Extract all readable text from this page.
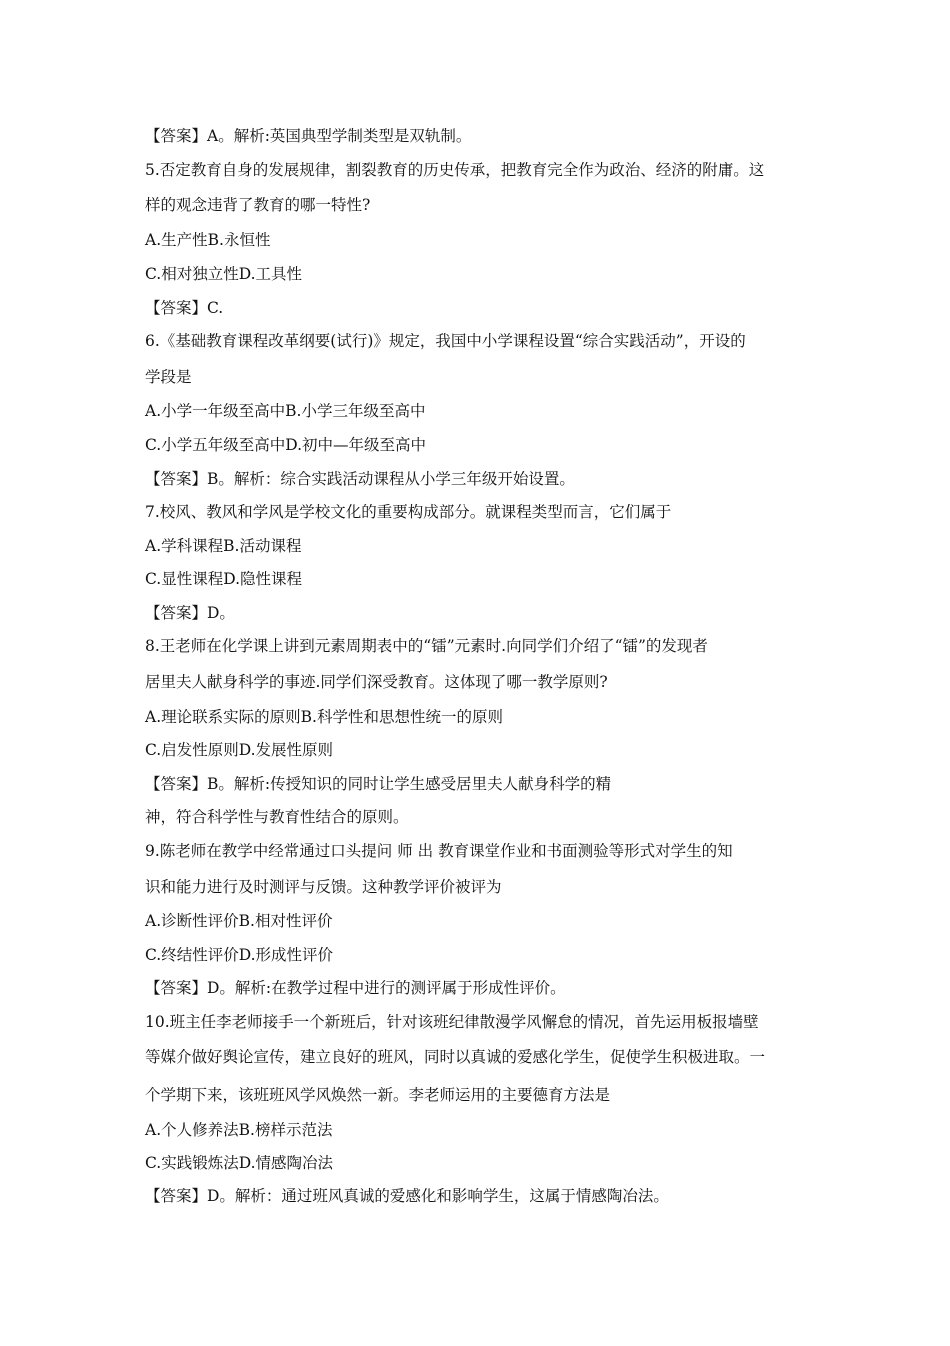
【答案】A。解析:英国典型学制类型是双轨制。
5.否定教育自身的发展规律，割裂教育的历史传承，把教育完全作为政治、经济的附庸。这
样的观念违背了教育的哪一特性?
A.生产性B.永恒性
C.相对独立性D.工具性
【答案】C.
6.《基础教育课程改革纲要(试行)》规定，我国中小学课程设置“综合实践活动”，开设的
学段是
A.小学一年级至高中B.小学三年级至高中
C.小学五年级至高中D.初中—年级至高中
【答案】B。解析：综合实践活动课程从小学三年级开始设置。
7.校风、教风和学风是学校文化的重要构成部分。就课程类型而言，它们属于
A.学科课程B.活动课程
C.显性课程D.隐性课程
【答案】D。
8.王老师在化学课上讲到元素周期表中的“镭”元素时.向同学们介绍了“镭”的发现者
居里夫人献身科学的事迹.同学们深受教育。这体现了哪一教学原则?
A.理论联系实际的原则B.科学性和思想性统一的原则
C.启发性原则D.发展性原则
【答案】B。解析:传授知识的同时让学生感受居里夫人献身科学的精
神，符合科学性与教育性结合的原则。
9.陈老师在教学中经常通过口头提问 师 出 教育课堂作业和书面测验等形式对学生的知
识和能力进行及时测评与反馈。这种教学评价被评为
A.诊断性评价B.相对性评价
C.终结性评价D.形成性评价
【答案】D。解析:在教学过程中进行的测评属于形成性评价。
10.班主任李老师接手一个新班后，针对该班纪律散漫学风懈怠的情况，首先运用板报墙壁
等媒介做好舆论宣传，建立良好的班风，同时以真诚的爱感化学生，促使学生积极进取。一
个学期下来，该班班风学风焕然一新。李老师运用的主要德育方法是
A.个人修养法B.榜样示范法
C.实践锻炼法D.情感陶冶法
【答案】D。解析：通过班风真诚的爱感化和影响学生，这属于情感陶冶法。
